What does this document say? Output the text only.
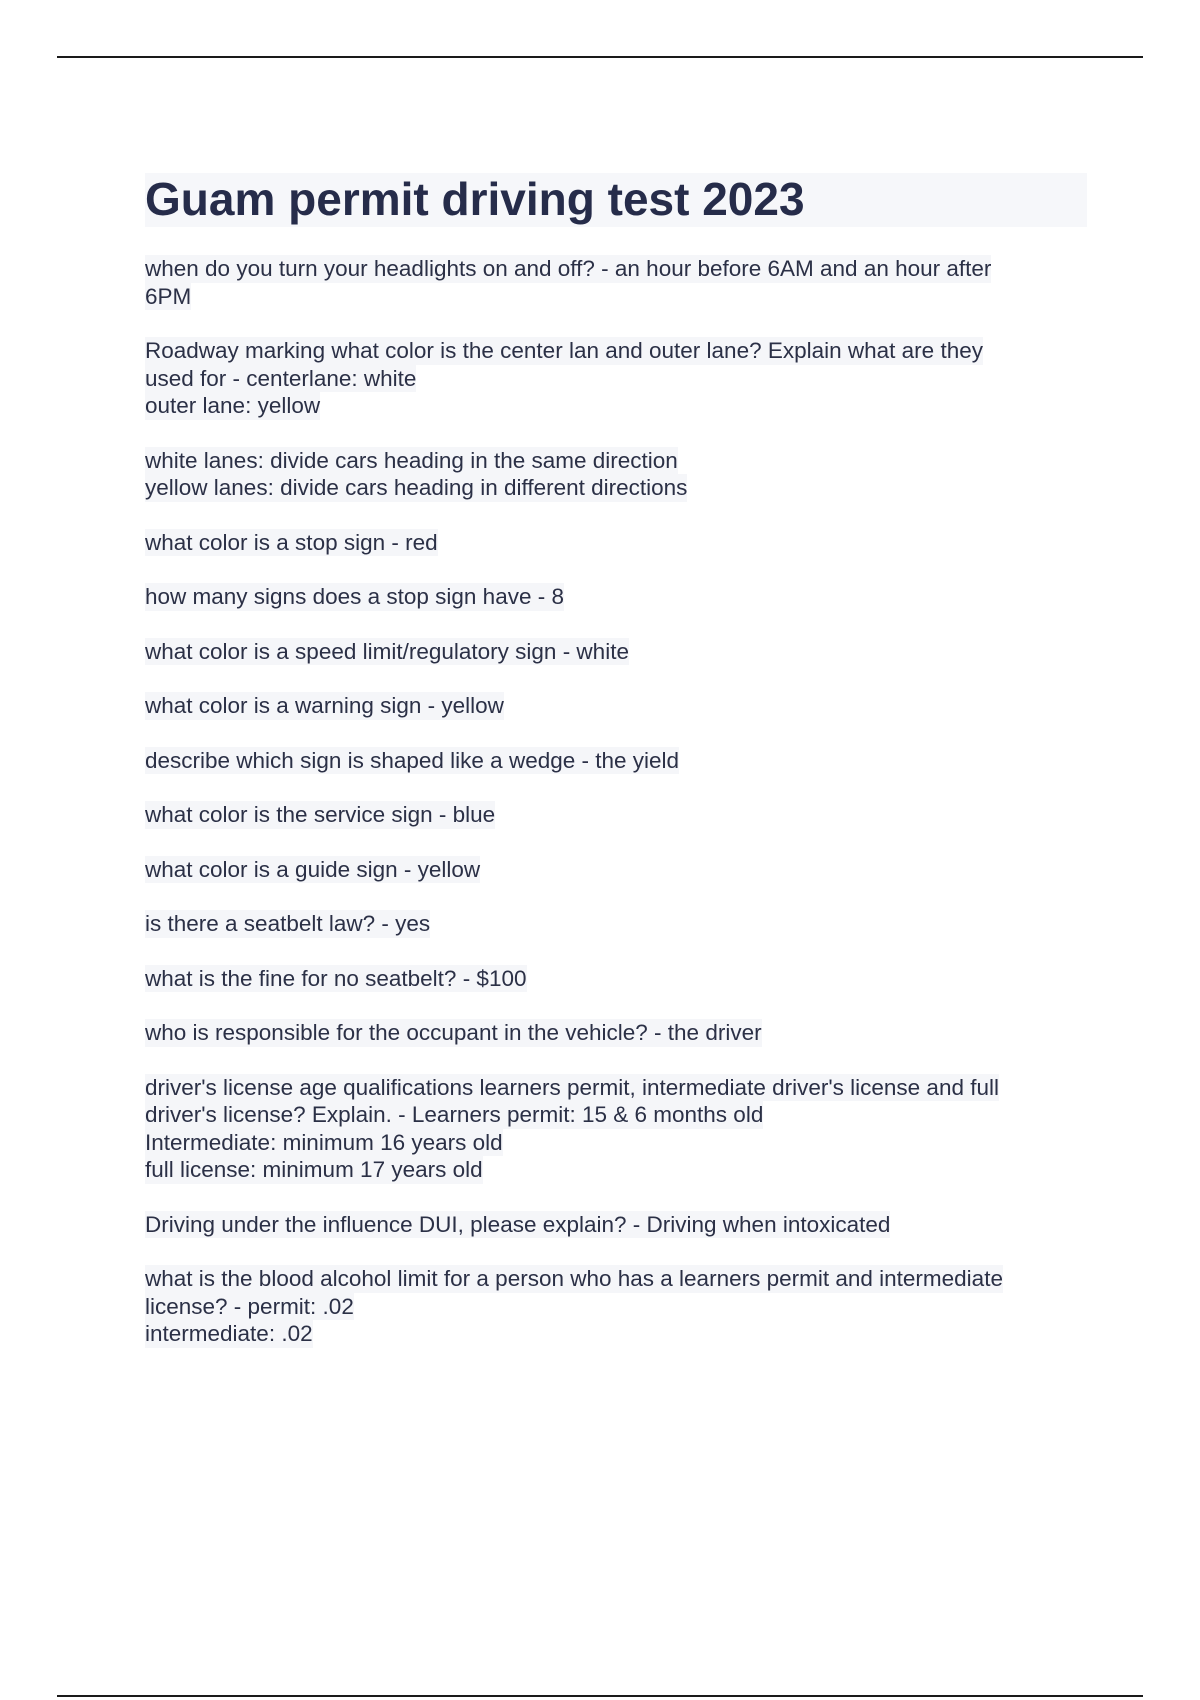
Guam permit driving test 2023
when do you turn your headlights on and off? - an hour before 6AM and an hour after
6PM
Roadway marking what color is the center lan and outer lane? Explain what are they
used for - centerlane: white
outer lane: yellow
white lanes: divide cars heading in the same direction
yellow lanes: divide cars heading in different directions
what color is a stop sign - red
how many signs does a stop sign have - 8
what color is a speed limit/regulatory sign - white
what color is a warning sign - yellow
describe which sign is shaped like a wedge - the yield
what color is the service sign - blue
what color is a guide sign - yellow
is there a seatbelt law? - yes
what is the fine for no seatbelt? - $100
who is responsible for the occupant in the vehicle? - the driver
driver's license age qualifications learners permit, intermediate driver's license and full
driver's license? Explain. - Learners permit: 15 & 6 months old
Intermediate: minimum 16 years old
full license: minimum 17 years old
Driving under the influence DUI, please explain? - Driving when intoxicated
what is the blood alcohol limit for a person who has a learners permit and intermediate
license? - permit: .02
intermediate: .02
